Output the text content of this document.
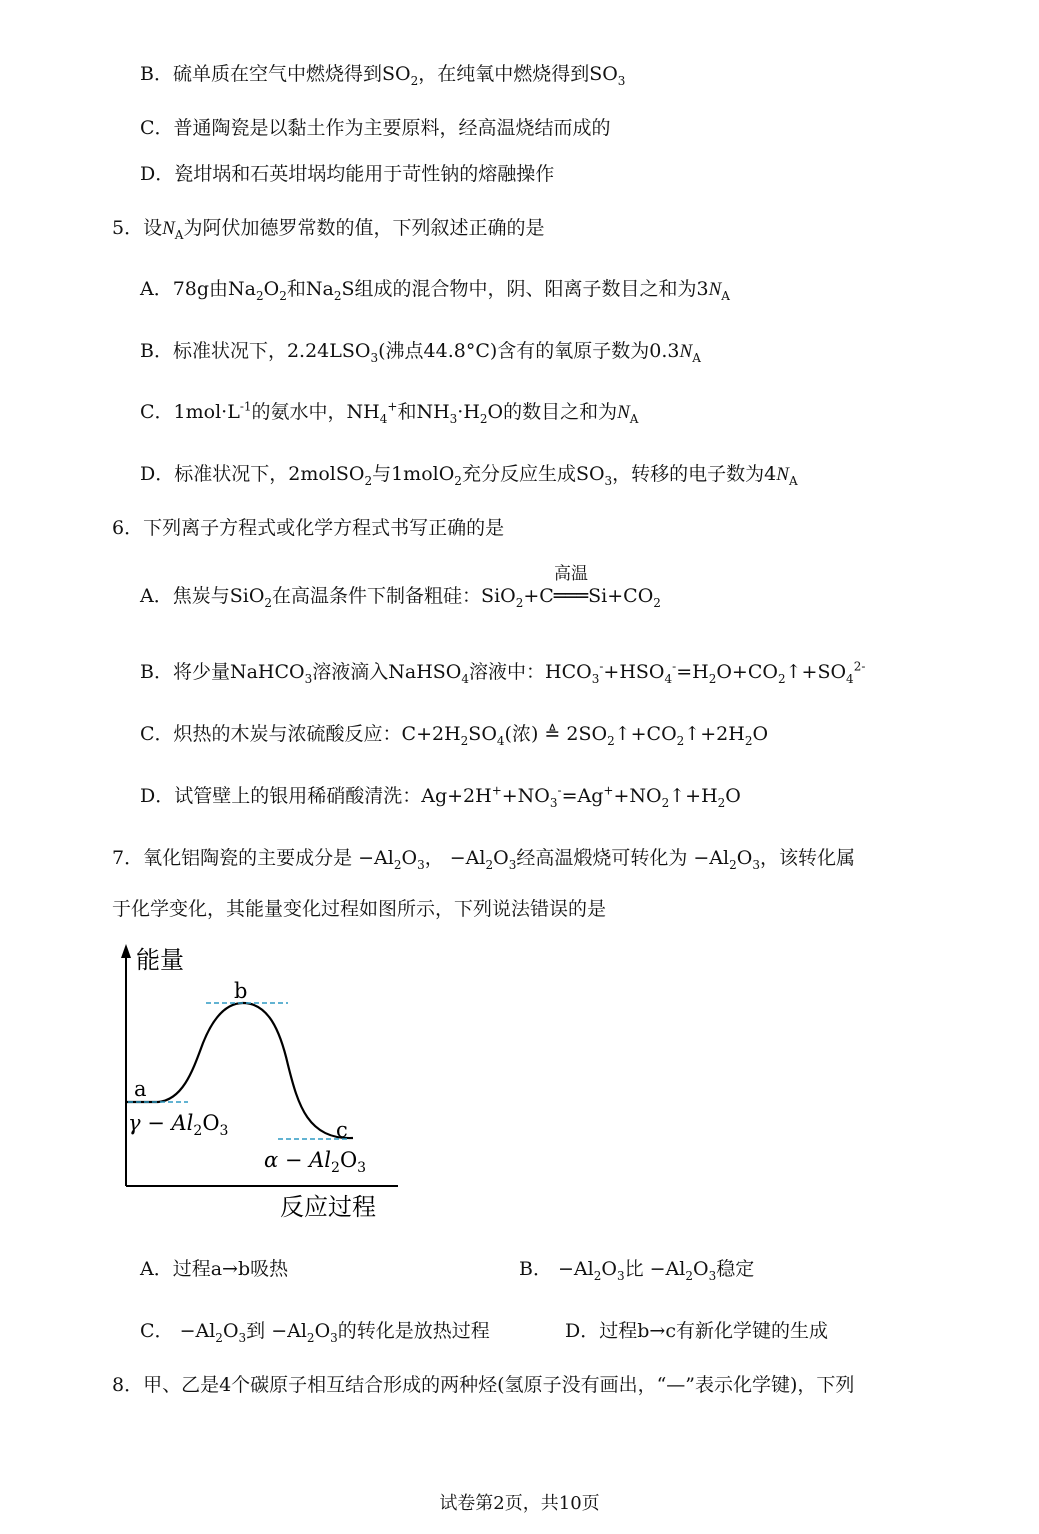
B．硫单质在空气中燃烧得到$SO_2$，在纯氧中燃烧得到$SO_3$
C．普通陶瓷是以黏土作为主要原料，经高温烧结而成的
D．瓷坩埚和石英坩埚均能用于苛性钠的熔融操作
5．设$N_A$为阿伏加德罗常数的值，下列叙述正确的是
A．78g由$Na_2O_2$和$Na_2S$组成的混合物中，阴、阳离子数目之和为$3N_A$
B．标准状况下，$2.24LSO_3$(沸点44.8°C)含有的氧原子数为$0.3N_A$
C．$1mol\cdot L^{-1}$的氨水中，$NH_4^+$和$NH_3\cdot H_2O$的数目之和为$N_A$
D．标准状况下，2molSO$_2$与1molO$_2$充分反应生成$SO_3$，转移的电子数为$4N_A$
6．下列离子方程式或化学方程式书写正确的是
A．焦炭与SiO$_2$在高温条件下制备粗硅：SiO$_2$+C
高温
$═══Si+CO_2$
B．将少量NaHCO$_3$溶液滴入NaHSO$_4$溶液中：$HCO_3^-+HSO_4^-=H_2O+CO_2↑+SO_4^{2-}$
C．炽热的木炭与浓硫酸反应：$C+2H_2SO_4$(浓) ≜ $2SO_2↑+CO_2↑+2H_2O$
D．试管壁上的银用稀硝酸清洗：$Ag+2H^++NO_3^-=Ag^++NO_2↑+H_2O$
7．氧化铝陶瓷的主要成分是 $-Al_2O_3$， $-Al_2O_3$经高温煅烧可转化为 $-Al_2O_3$，该转化属
于化学变化，其能量变化过程如图所示，下列说法错误的是
能量
反应过程
a
b
c
$\gamma - Al_2O_3$
$\alpha - Al_2O_3$
A．过程a→b吸热	B． $-Al_2O_3$比 $-Al_2O_3$稳定
C． $-Al_2O_3$到 $-Al_2O_3$的转化是放热过程	D．过程b→c有新化学键的生成
8．甲、乙是4个碳原子相互结合形成的两种烃(氢原子没有画出，“—”表示化学键)，下列
试卷第2页，共10页
